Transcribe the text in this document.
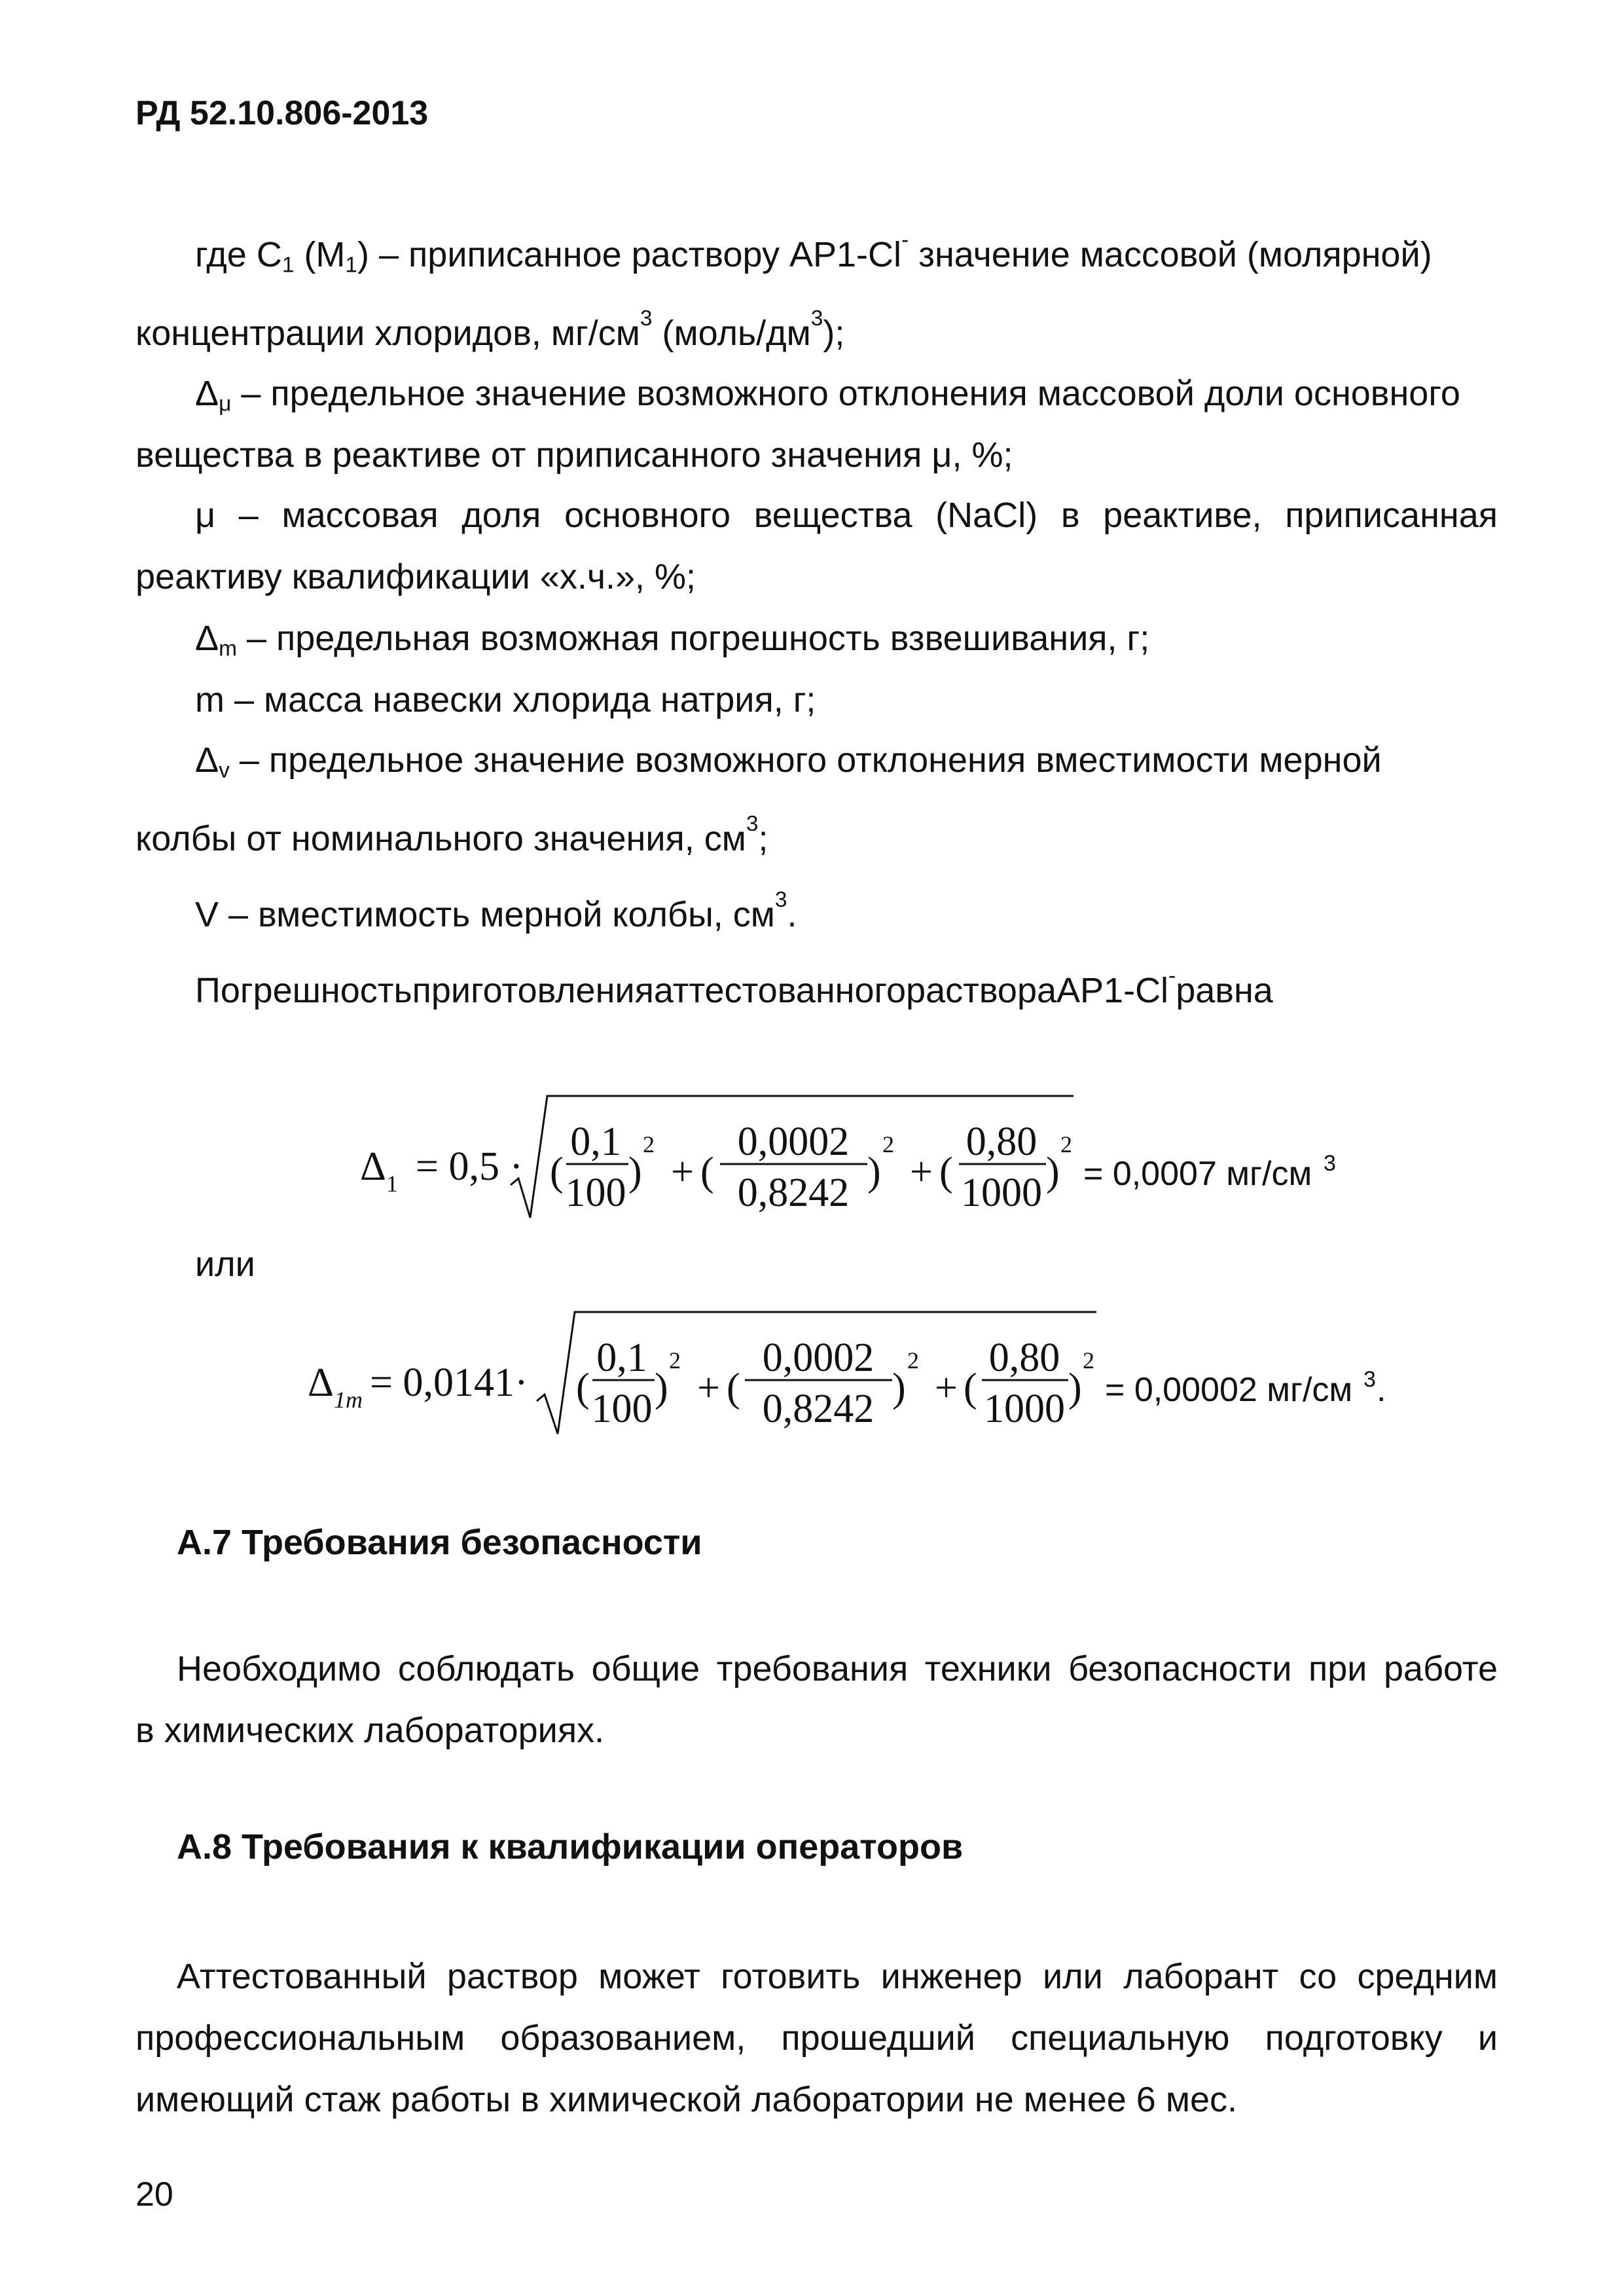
РД 52.10.806-2013
где $С_1$ $(М_1)$ – приписанное раствору АР1-Сl- значение массовой (молярной)
концентрации хлоридов, $мг/см^3$ $(моль/дм^3)$;
$\Delta_\mu$ – предельное значение возможного отклонения массовой доли основного
вещества в реактиве от приписанного значения μ, %;
μ – массовая доля основного вещества (NaCl) в реактиве, приписанная
реактиву квалификации «х.ч.», %;
$\Delta_m$ – предельная возможная погрешность взвешивания, г;
m – масса навески хлорида натрия, г;
$\Delta_v$ – предельное значение возможного отклонения вместимости мерной
колбы от номинального значения, $см^3$;
V – вместимость мерной колбы, $см^3$.
ПогрешностьприготовленияаттестованногорастворaАР1-Сl-равна
Δ 1 = 0,5 · (
0,1
100 )
2
+ (
0,0002
0,8242 )
2
+ (
0,80
1000 )
2
= 0,0007 мг/см 3
или
Δ 1m = 0,0141· (
0,1
100 )
2
+ (
0,0002
0,8242 )
2
+ (
0,80
1000 )
2
= 0,00002 мг/см 3 .
А.7 Требования безопасности
Необходимо соблюдать общие требования техники безопасности при работе
в химических лабораториях.
А.8 Требования к квалификации операторов
Аттестованный раствор может готовить инженер или лаборант со средним
профессиональным образованием, прошедший специальную подготовку и
имеющий стаж работы в химической лаборатории не менее 6 мес.
20
